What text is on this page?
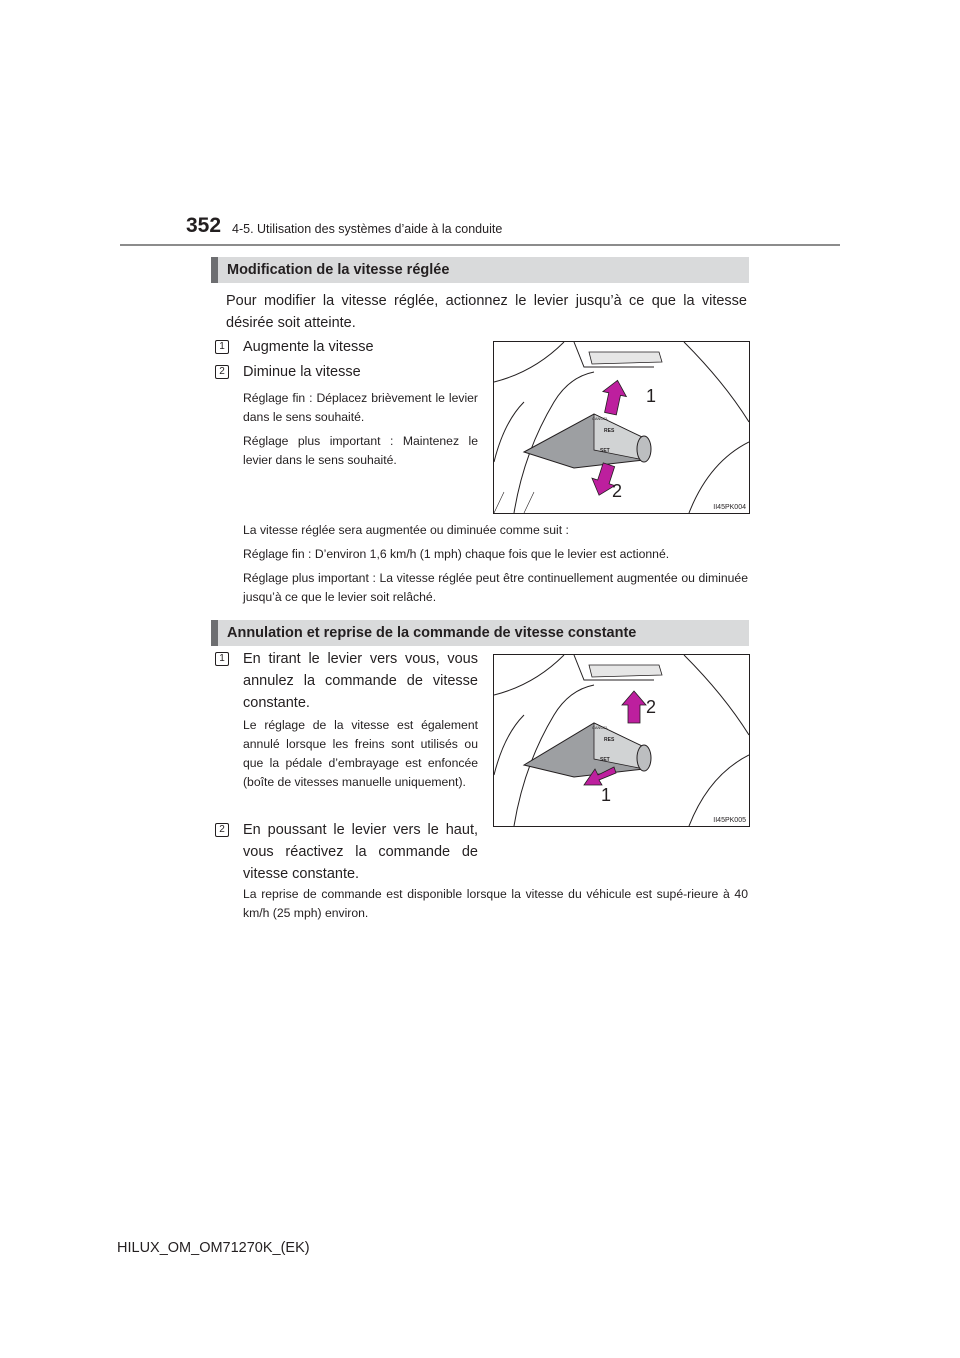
352 4-5. Utilisation des systèmes d’aide à la conduite
Modification de la vitesse réglée
Pour modifier la vitesse réglée, actionnez le levier jusqu’à ce que la vitesse désirée soit atteinte.
1 Augmente la vitesse
2 Diminue la vitesse
Réglage fin : Déplacez brièvement le levier dans le sens souhaité.
Réglage plus important : Maintenez le levier dans le sens souhaité.
RES
SET
CANCEL
1
2
II45PK004
La vitesse réglée sera augmentée ou diminuée comme suit :
Réglage fin : D’environ 1,6 km/h (1 mph) chaque fois que le levier est actionné.
Réglage plus important : La vitesse réglée peut être continuellement augmentée ou diminuée jusqu’à ce que le levier soit relâché.
Annulation et reprise de la commande de vitesse constante
1 En tirant le levier vers vous, vous annulez la commande de vitesse constante.
Le réglage de la vitesse est également annulé lorsque les freins sont utilisés ou que la pédale d’embrayage est enfoncée (boîte de vitesses manuelle uniquement).
2 En poussant le levier vers le haut, vous réactivez la commande de vitesse constante.
La reprise de commande est disponible lorsque la vitesse du véhicule est supé-rieure à 40 km/h (25 mph) environ.
RES
SET
CANCEL
2
1
II45PK005
HILUX_OM_OM71270K_(EK)
